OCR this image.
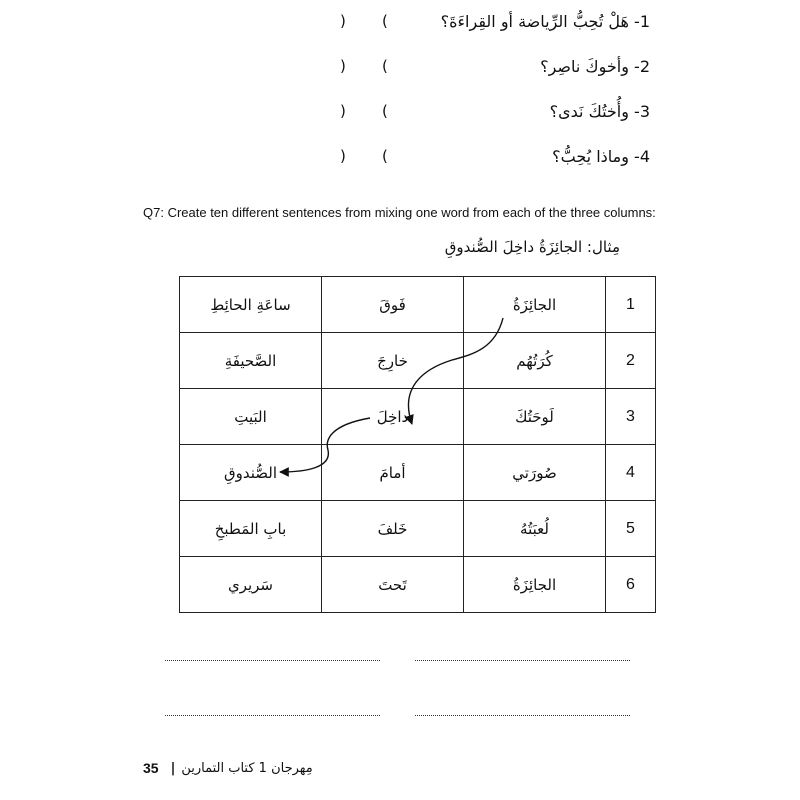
(
)	1- هَلْ تُحِبُّ الرِّياضة أو القِراءَةَ؟
(
)	2- وأخوكَ ناصِر؟
(
)	3- وأُختُكَ نَدى؟
(
)	4- وماذا يُحِبُّ؟
Q7: Create ten different sentences from mixing one word from each of the three columns:
مِثال: الجائِزَةُ داخِلَ الصُّندوقِ
ساعَةِ الحائِطِ	فَوقَ	الجائِزَةُ	1
الصَّحيفَةِ	خارِجَ	كُرَتُهُم	2
البَيتِ	داخِلَ	لَوحَتُكَ	3
الصُّندوقِ	أمامَ	صُورَتي	4
بابِ المَطبخِ	خَلفَ	لُعبَتُهُ	5
سَريري	تَحتَ	الجائِزَةُ	6
مِهرجان 1 كتاب التمارين
|
35
